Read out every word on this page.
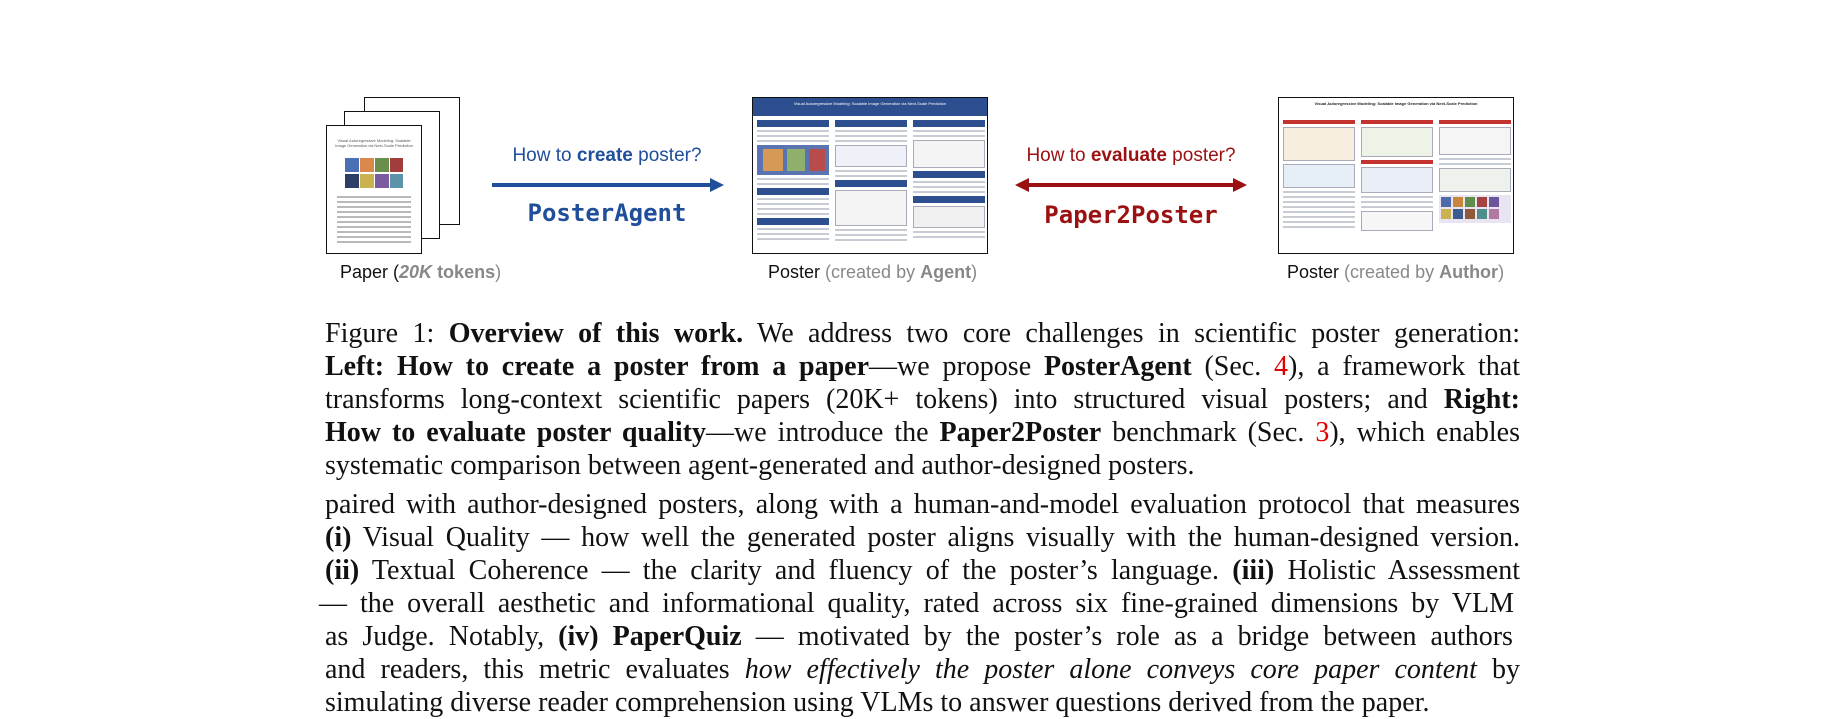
Visual Autoregressive Modeling: Scalable Image Generation via Next-Scale Prediction
Paper (20K tokens)
How to create poster?
PosterAgent
Visual Autoregressive Modeling: Scalable Image Generation via Next-Scale Prediction
Poster (created by Agent)
How to evaluate poster?
Paper2Poster
Visual Autoregressive Modeling: Scalable Image Generation via Next-Scale Prediction
Poster (created by Author)
Figure 1: Overview of this work. We address two core challenges in scientific poster generation:
Left: How to create a poster from a paper—we propose PosterAgent (Sec. 4), a framework that
transforms long-context scientific papers (20K+ tokens) into structured visual posters; and Right:
How to evaluate poster quality—we introduce the Paper2Poster benchmark (Sec. 3), which enables
systematic comparison between agent-generated and author-designed posters.
paired with author-designed posters, along with a human-and-model evaluation protocol that measures
(i) Visual Quality — how well the generated poster aligns visually with the human-designed version.
(ii) Textual Coherence — the clarity and fluency of the poster’s language. (iii) Holistic Assessment
— the overall aesthetic and informational quality, rated across six fine-grained dimensions by VLM
as Judge. Notably, (iv) PaperQuiz — motivated by the poster’s role as a bridge between authors
and readers, this metric evaluates how effectively the poster alone conveys core paper content by
simulating diverse reader comprehension using VLMs to answer questions derived from the paper.
